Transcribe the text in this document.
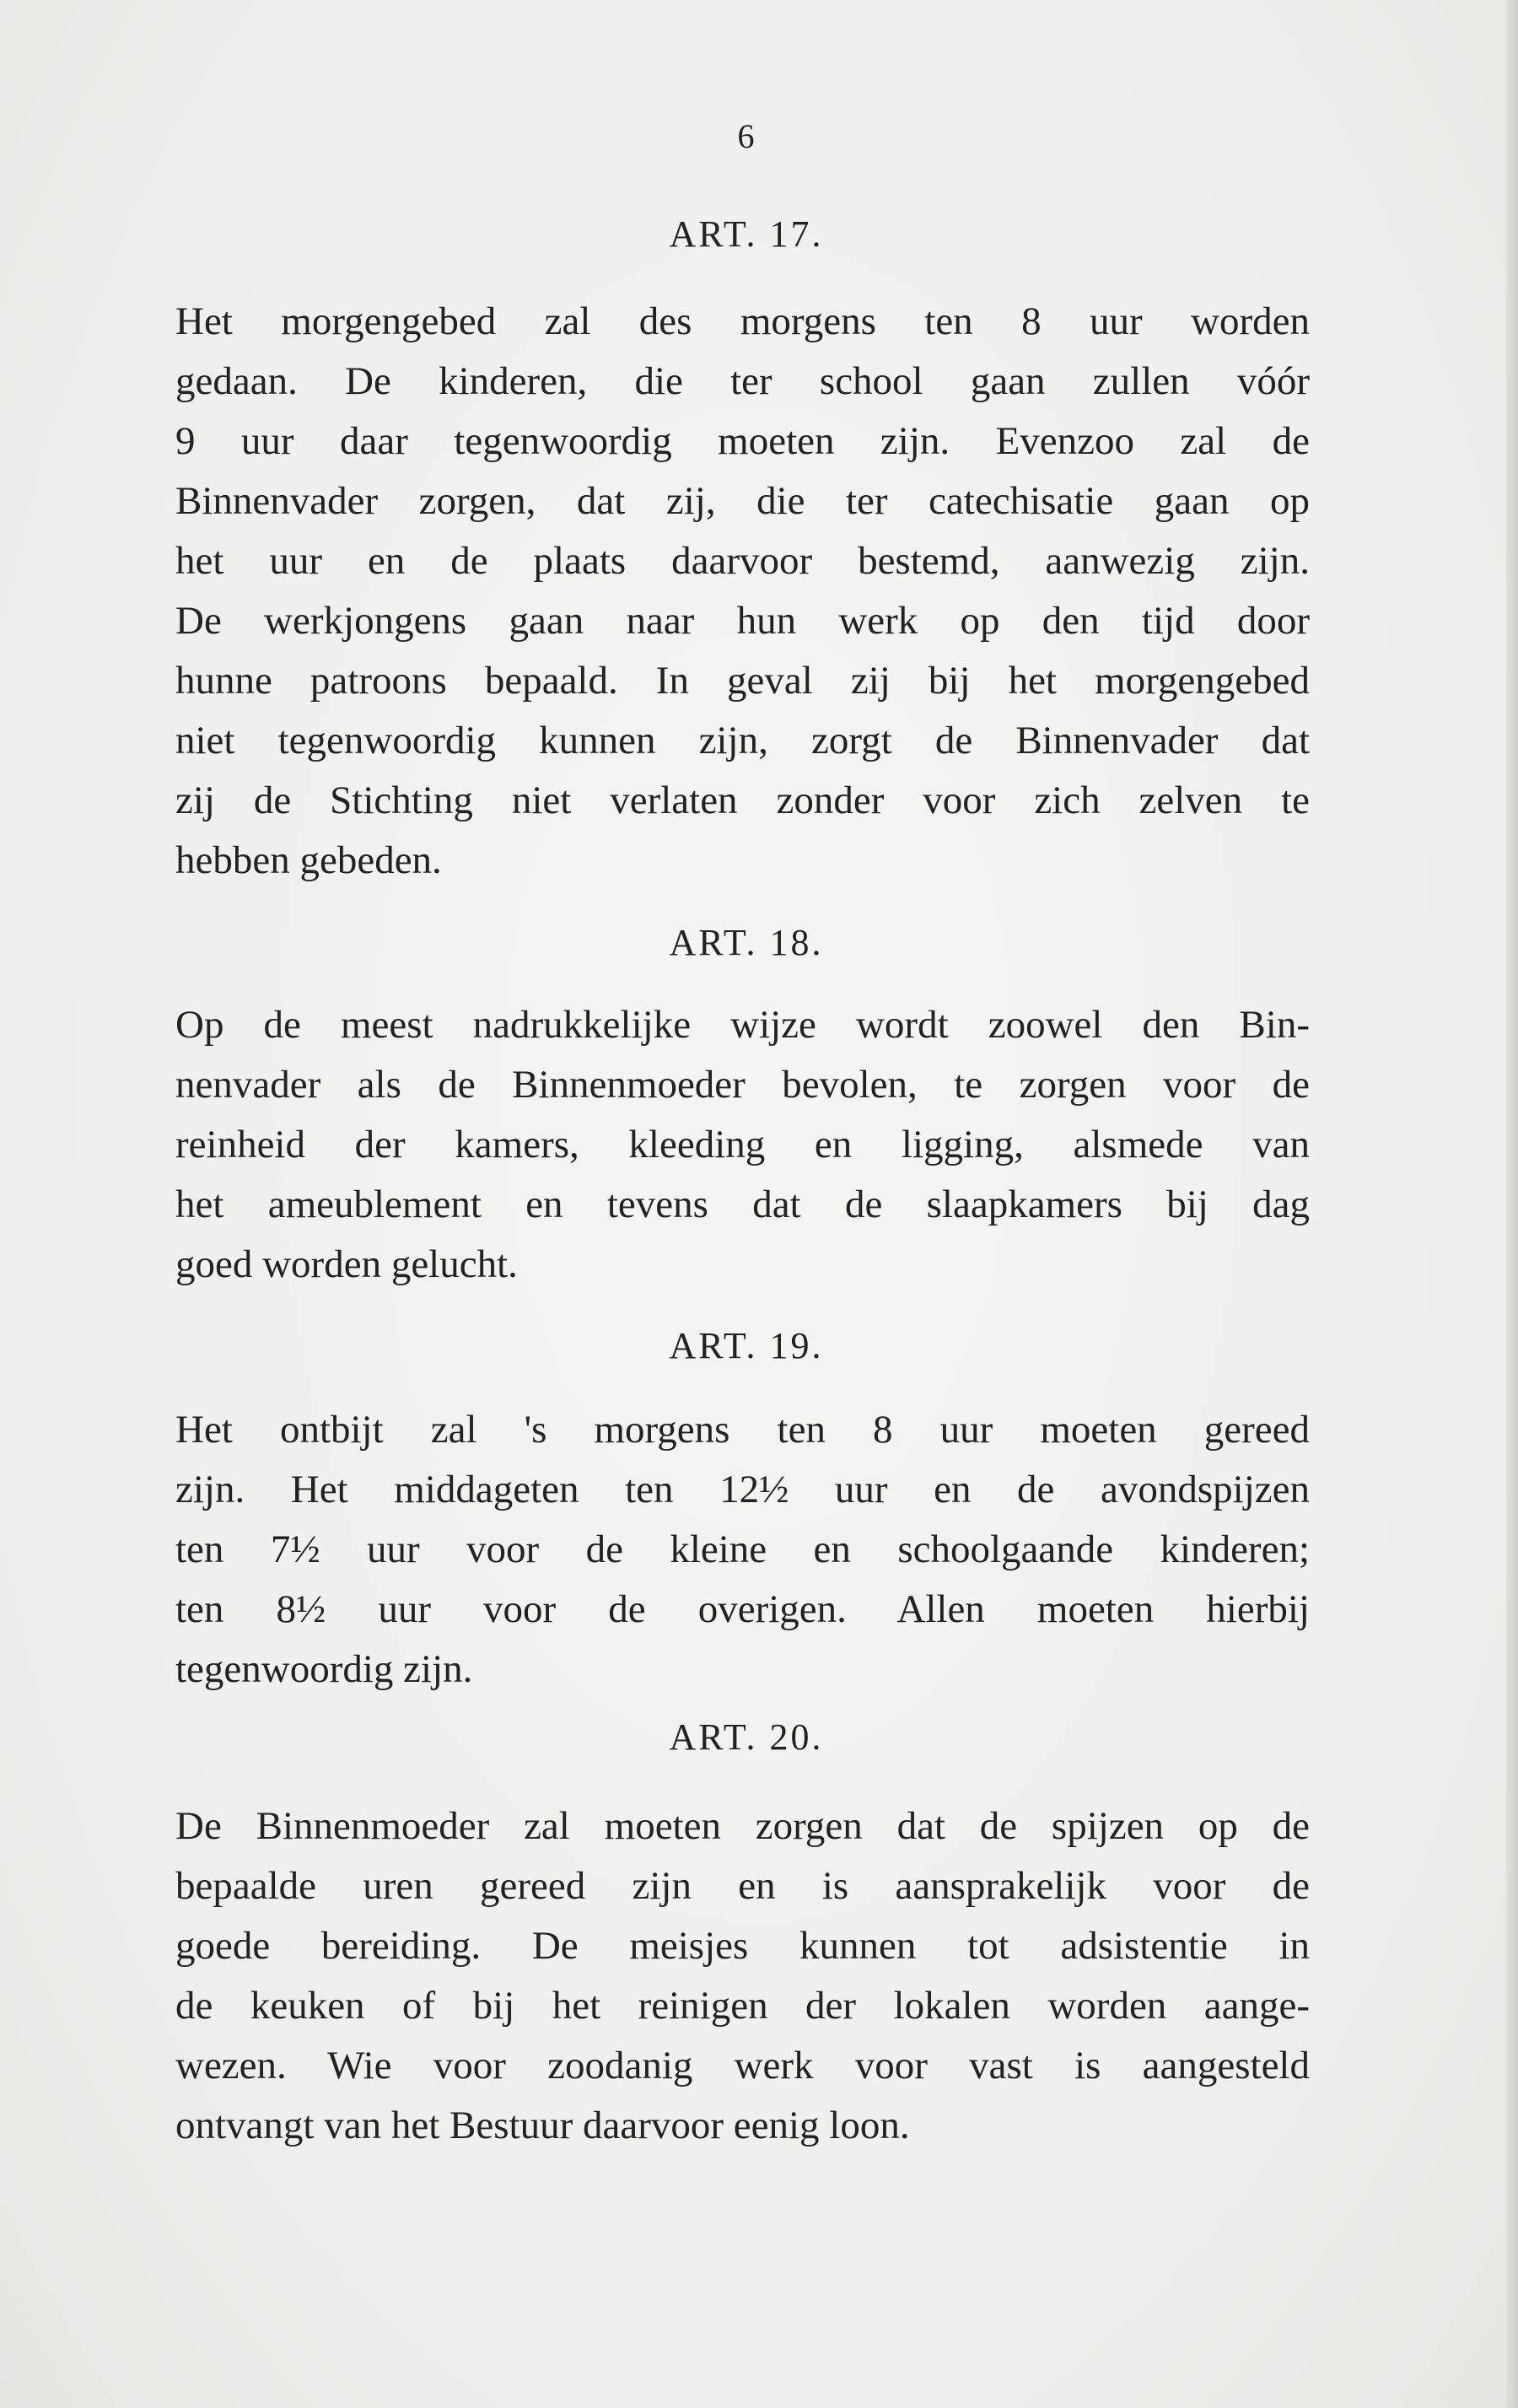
6
ART. 17.
Het morgengebed zal des morgens ten 8 uur worden
gedaan. De kinderen, die ter school gaan zullen vóór
9 uur daar tegenwoordig moeten zijn. Evenzoo zal de
Binnenvader zorgen, dat zij, die ter catechisatie gaan op
het uur en de plaats daarvoor bestemd, aanwezig zijn.
De werkjongens gaan naar hun werk op den tijd door
hunne patroons bepaald. In geval zij bij het morgengebed
niet tegenwoordig kunnen zijn, zorgt de Binnenvader dat
zij de Stichting niet verlaten zonder voor zich zelven te
hebben gebeden.
ART. 18.
Op de meest nadrukkelijke wijze wordt zoowel den Bin-
nenvader als de Binnenmoeder bevolen, te zorgen voor de
reinheid der kamers, kleeding en ligging, alsmede van
het ameublement en tevens dat de slaapkamers bij dag
goed worden gelucht.
ART. 19.
Het ontbijt zal 's morgens ten 8 uur moeten gereed
zijn. Het middageten ten 12½ uur en de avondspijzen
ten 7½ uur voor de kleine en schoolgaande kinderen;
ten 8½ uur voor de overigen. Allen moeten hierbij
tegenwoordig zijn.
ART. 20.
De Binnenmoeder zal moeten zorgen dat de spijzen op de
bepaalde uren gereed zijn en is aansprakelijk voor de
goede bereiding. De meisjes kunnen tot adsistentie in
de keuken of bij het reinigen der lokalen worden aange-
wezen. Wie voor zoodanig werk voor vast is aangesteld
ontvangt van het Bestuur daarvoor eenig loon.
